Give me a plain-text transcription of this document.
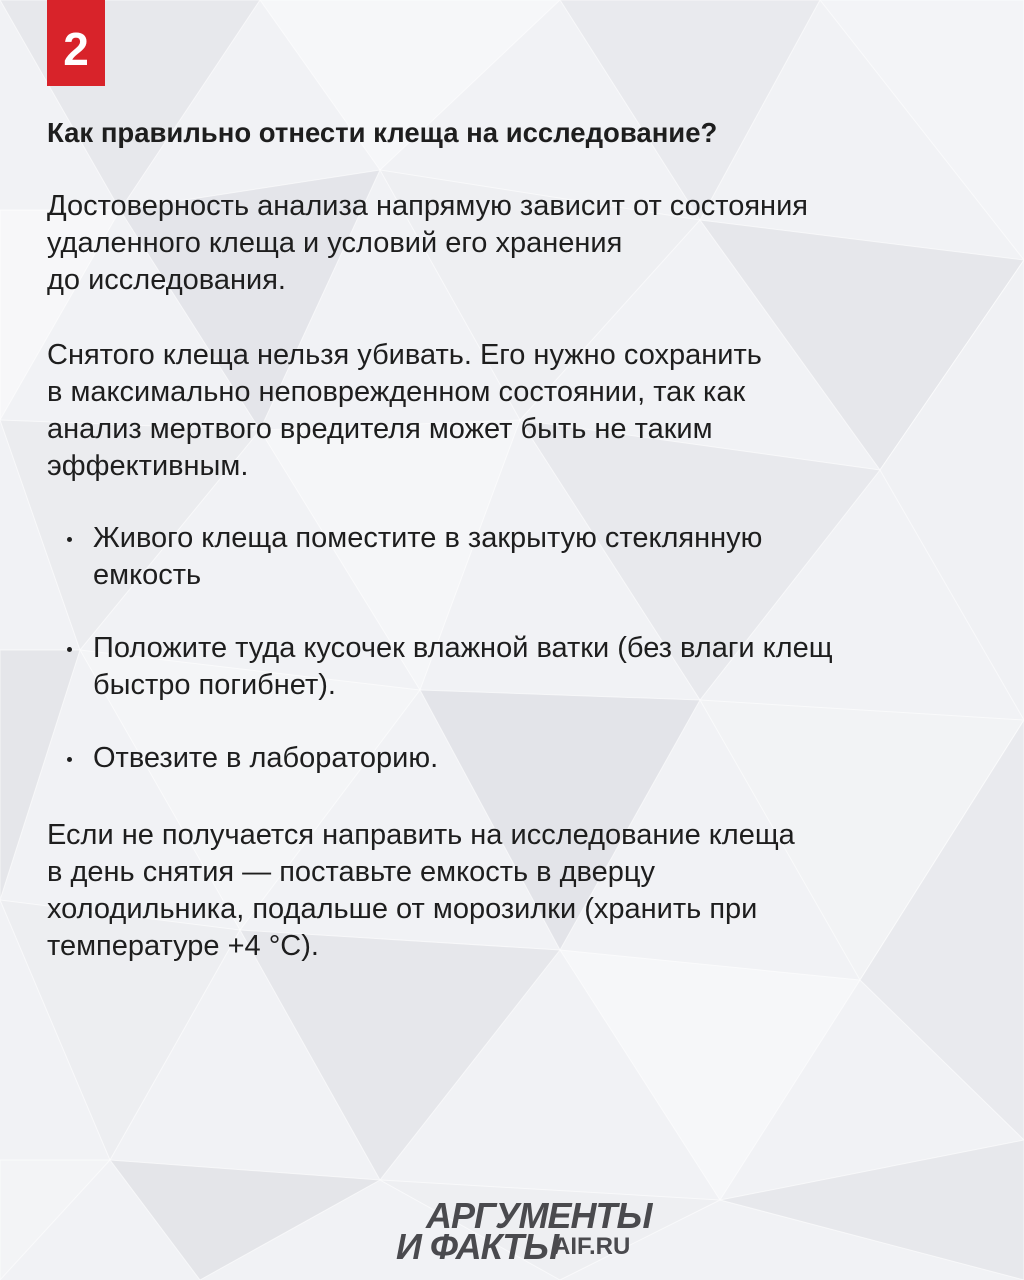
2

Как правильно отнести клеща на исследование?

Достоверность анализа напрямую зависит от состояния
удаленного клеща и условий его хранения
до исследования.

Снятого клеща нельзя убивать. Его нужно сохранить
в максимально неповрежденном состоянии, так как
анализ мертвого вредителя может быть не таким
эффективным.

Живого клеща поместите в закрытую стеклянную
емкость
Положите туда кусочек влажной ватки (без влаги клещ
быстро погибнет).
Отвезите в лабораторию.

Если не получается направить на исследование клеща
в день снятия — поставьте емкость в дверцу
холодильника, подальше от морозилки (хранить при
температуре +4 °С).

АРГУМЕНТЫ
И ФАКТЫ
AIF.RU
